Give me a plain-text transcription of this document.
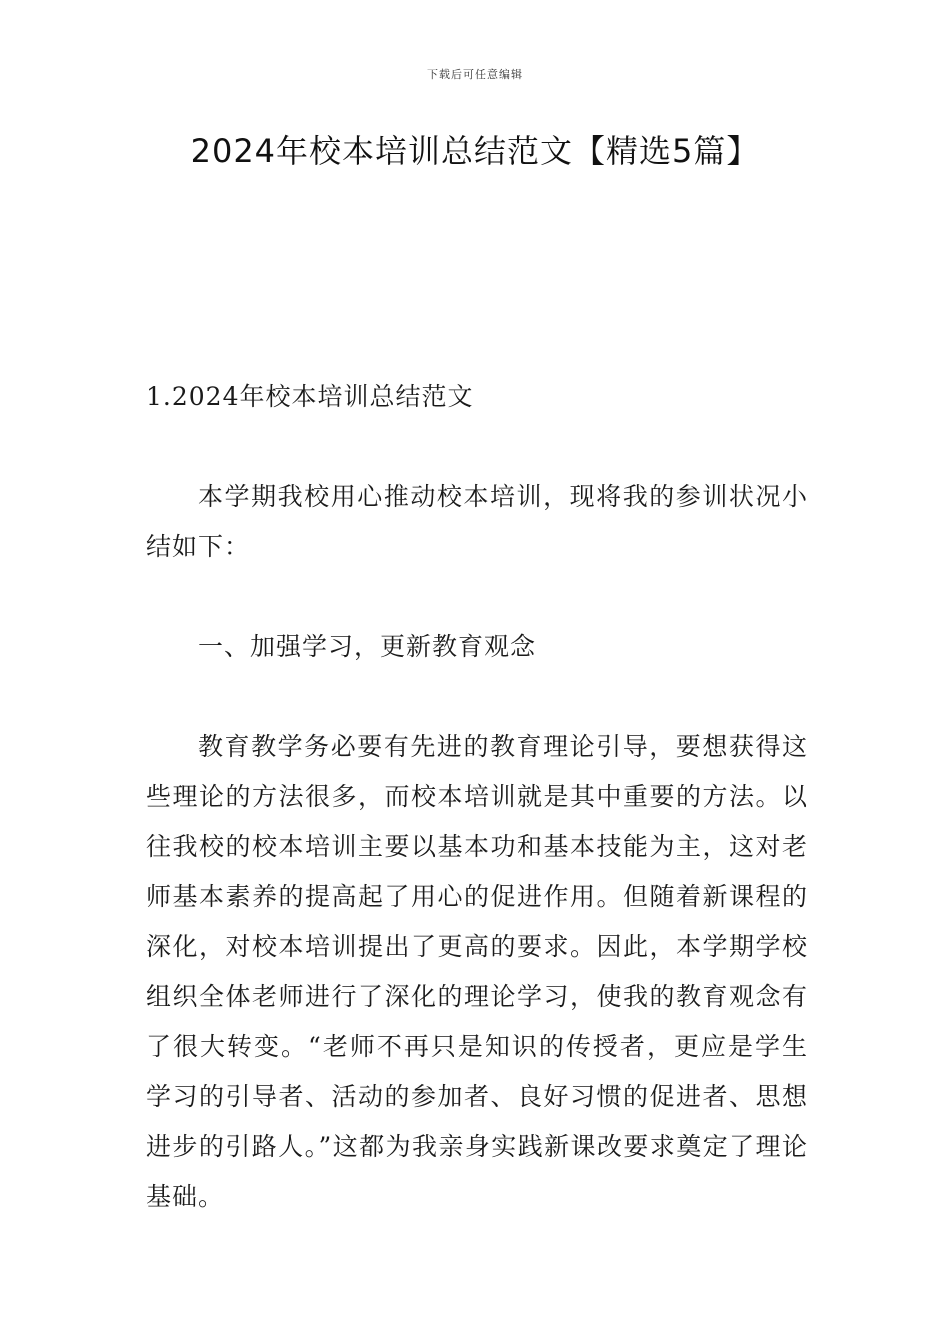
下载后可任意编辑
2024年校本培训总结范文【精选5篇】
1.2024年校本培训总结范文

本学期我校用心推动校本培训，现将我的参训状况小结如下：

一、加强学习，更新教育观念

教育教学务必要有先进的教育理论引导，要想获得这些理论的方法很多，而校本培训就是其中重要的方法。以往我校的校本培训主要以基本功和基本技能为主，这对老师基本素养的提高起了用心的促进作用。但随着新课程的深化，对校本培训提出了更高的要求。因此，本学期学校组织全体老师进行了深化的理论学习，使我的教育观念有了很大转变。“老师不再只是知识的传授者，更应是学生学习的引导者、活动的参加者、良好习惯的促进者、思想进步的引路人。”这都为我亲身实践新课改要求奠定了理论基础。
